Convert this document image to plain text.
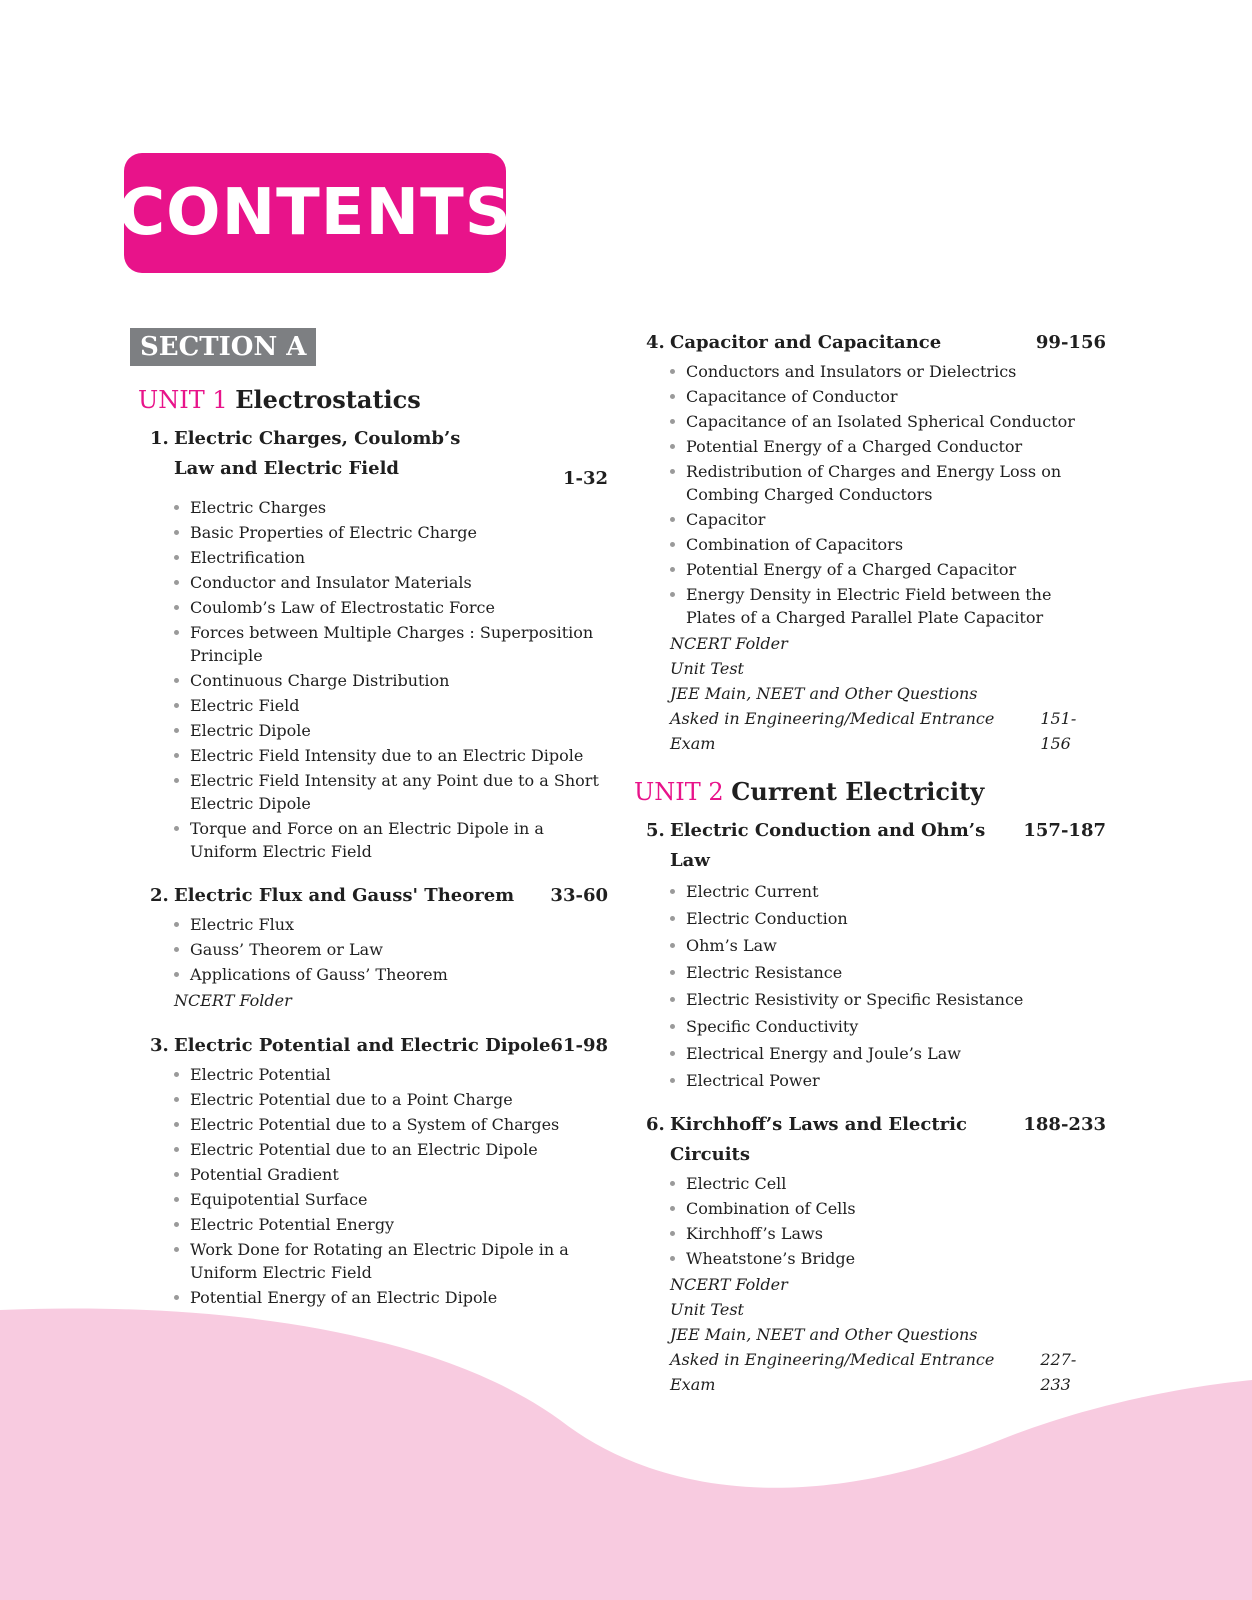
CONTENTS
SECTION A
UNIT 1 Electrostatics
1. Electric Charges, Coulomb’s
Law and Electric Field	1-32
Electric Charges
Basic Properties of Electric Charge
Electrification
Conductor and Insulator Materials
Coulomb’s Law of Electrostatic Force
Forces between Multiple Charges : Superposition Principle
Continuous Charge Distribution
Electric Field
Electric Dipole
Electric Field Intensity due to an Electric Dipole
Electric Field Intensity at any Point due to a Short Electric Dipole
Torque and Force on an Electric Dipole in a Uniform Electric Field
2. Electric Flux and Gauss' Theorem 33-60
Electric Flux
Gauss’ Theorem or Law
Applications of Gauss’ Theorem
NCERT Folder
3. Electric Potential and Electric Dipole 61-98
Electric Potential
Electric Potential due to a Point Charge
Electric Potential due to a System of Charges
Electric Potential due to an Electric Dipole
Potential Gradient
Equipotential Surface
Electric Potential Energy
Work Done for Rotating an Electric Dipole in a Uniform Electric Field
Potential Energy of an Electric Dipole
4. Capacitor and Capacitance	99-156
Conductors and Insulators or Dielectrics
Capacitance of Conductor
Capacitance of an Isolated Spherical Conductor
Potential Energy of a Charged Conductor
Redistribution of Charges and Energy Loss on Combing Charged Conductors
Capacitor
Combination of Capacitors
Potential Energy of a Charged Capacitor
Energy Density in Electric Field between the Plates of a Charged Parallel Plate Capacitor
NCERT Folder
Unit Test
JEE Main, NEET and Other Questions
Asked in Engineering/Medical Entrance Exam
151-156
UNIT 2 Current Electricity
5. Electric Conduction and Ohm’s Law
157-187
Electric Current
Electric Conduction
Ohm’s Law
Electric Resistance
Electric Resistivity or Specific Resistance
Specific Conductivity
Electrical Energy and Joule’s Law
Electrical Power
6. Kirchhoff’s Laws and Electric Circuits
188-233
Electric Cell
Combination of Cells
Kirchhoff’s Laws
Wheatstone’s Bridge
NCERT Folder
Unit Test
JEE Main, NEET and Other Questions
Asked in Engineering/Medical Entrance Exam
227-233
